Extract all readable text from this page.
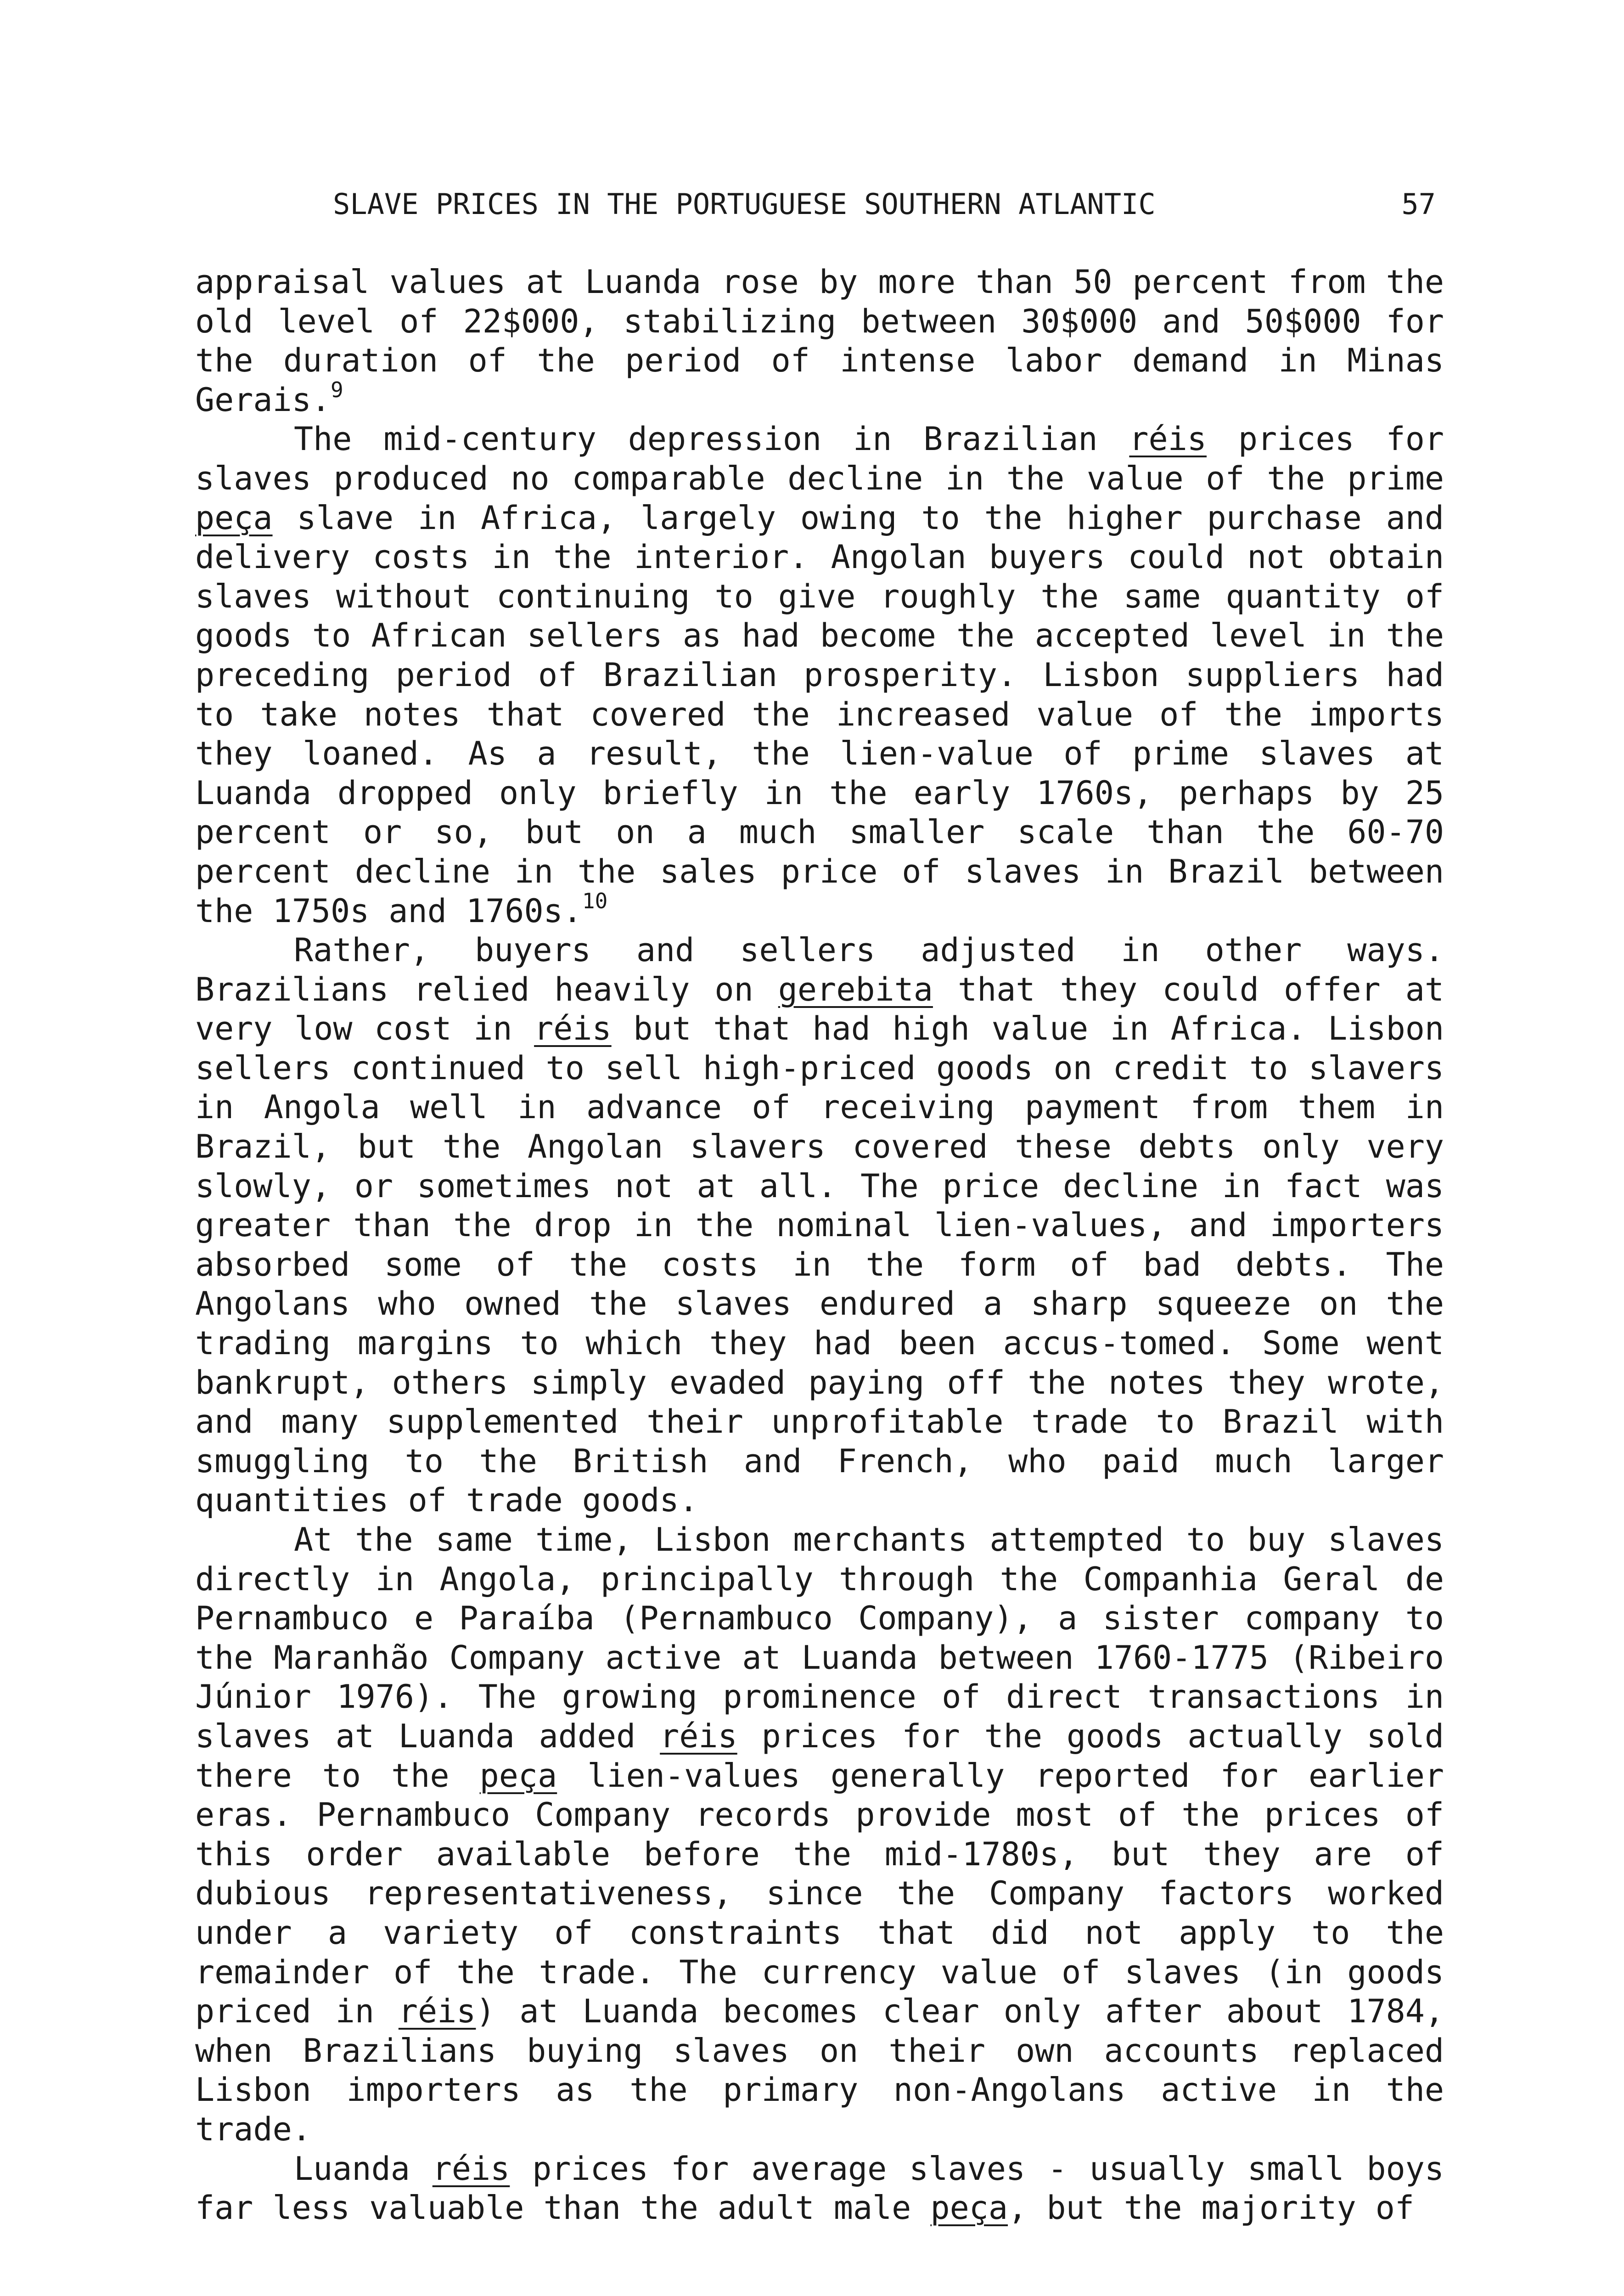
SLAVE PRICES IN THE PORTUGUESE SOUTHERN ATLANTIC

	57

appraisal values at Luanda rose by more than 50 percent from the old level of 22$000, stabilizing between 30$000 and 50$000 for the duration of the period of intense labor demand in Minas Gerais.$^9$

The mid-century depression in Brazilian réis prices for slaves produced no comparable decline in the value of the prime peça slave in Africa, largely owing to the higher purchase and delivery costs in the interior. Angolan buyers could not obtain slaves without continuing to give roughly the same quantity of goods to African sellers as had become the accepted level in the preceding period of Brazilian prosperity. Lisbon suppliers had to take notes that covered the increased value of the imports they loaned. As a result, the lien-value of prime slaves at Luanda dropped only briefly in the early 1760s, perhaps by 25 percent or so, but on a much smaller scale than the 60-70 percent decline in the sales price of slaves in Brazil between the 1750s and 1760s.$^{10}$

Rather, buyers and sellers adjusted in other ways. Brazilians relied heavily on gerebita that they could offer at very low cost in réis but that had high value in Africa. Lisbon sellers continued to sell high-priced goods on credit to slavers in Angola well in advance of receiving payment from them in Brazil, but the Angolan slavers covered these debts only very slowly, or sometimes not at all. The price decline in fact was greater than the drop in the nominal lien-values, and importers absorbed some of the costs in the form of bad debts. The Angolans who owned the slaves endured a sharp squeeze on the trading margins to which they had been accus-tomed. Some went bankrupt, others simply evaded paying off the notes they wrote, and many supplemented their unprofitable trade to Brazil with smuggling to the British and French, who paid much larger quantities of trade goods.

At the same time, Lisbon merchants attempted to buy slaves directly in Angola, principally through the Companhia Geral de Pernambuco e Paraíba (Pernambuco Company), a sister company to the Maranhão Company active at Luanda between 1760-1775 (Ribeiro Júnior 1976). The growing prominence of direct transactions in slaves at Luanda added réis prices for the goods actually sold there to the peça lien-values generally reported for earlier eras. Pernambuco Company records provide most of the prices of this order available before the mid-1780s, but they are of dubious representativeness, since the Company factors worked under a variety of constraints that did not apply to the remainder of the trade. The currency value of slaves (in goods priced in réis) at Luanda becomes clear only after about 1784, when Brazilians buying slaves on their own accounts replaced Lisbon importers as the primary non-Angolans active in the trade.

Luanda réis prices for average slaves - usually small boys far less valuable than the adult male peça, but the majority of
